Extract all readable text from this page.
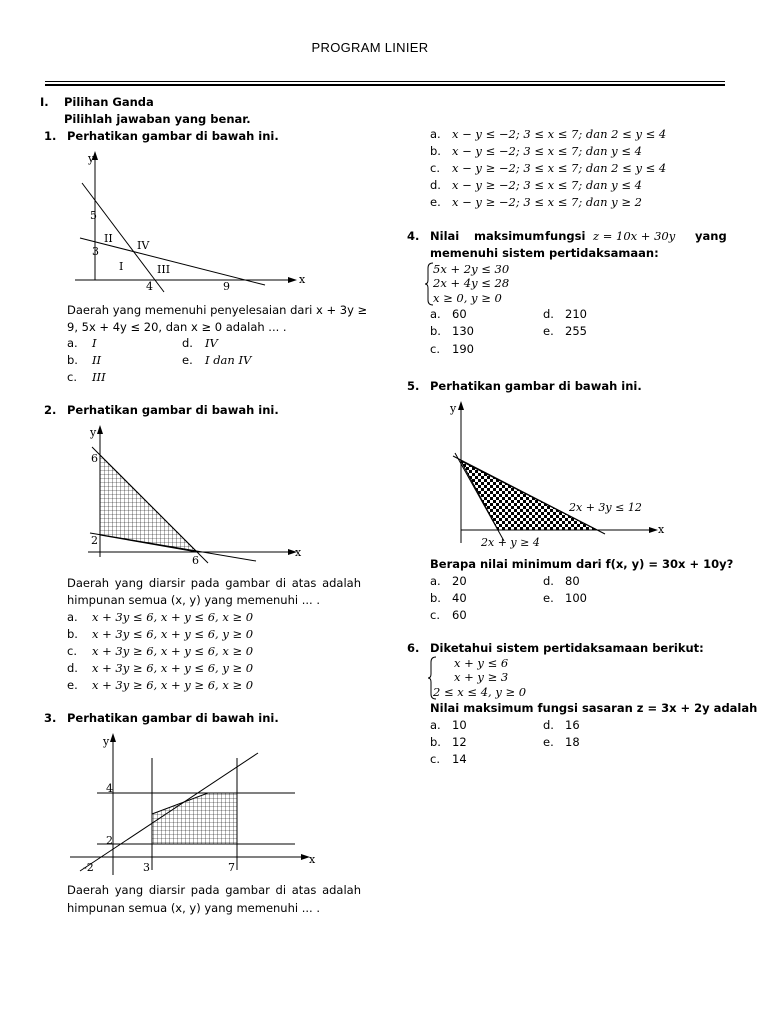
PROGRAM LINIER
I. Pilihan Ganda
Pilihlah jawaban yang benar.
1. Perhatikan gambar di bawah ini.
y
x
5
3
4	9
I
II
III
IV
Daerah yang memenuhi penyelesaian dari x + 3y ≥
9, 5x + 4y ≤ 20, dan x ≥ 0 adalah ... .
a. I	d. IV
b. II	e. I dan IV
c. III
2. Perhatikan gambar di bawah ini.
y
x
6
2
6
Daerah yang diarsir pada gambar di atas adalah
himpunan semua (x, y) yang memenuhi ... .
a. x + 3y ≤ 6, x + y ≤ 6, x ≥ 0
b. x + 3y ≤ 6, x + y ≤ 6, y ≥ 0
c. x + 3y ≥ 6, x + y ≤ 6, x ≥ 0
d. x + 3y ≥ 6, x + y ≤ 6, y ≥ 0
e. x + 3y ≥ 6, x + y ≥ 6, x ≥ 0
3. Perhatikan gambar di bawah ini.
y
x
4
2
-2	3	7
Daerah yang diarsir pada gambar di atas adalah
himpunan semua (x, y) yang memenuhi ... .
a. x − y ≤ −2; 3 ≤ x ≤ 7; dan 2 ≤ y ≤ 4
b. x − y ≤ −2; 3 ≤ x ≤ 7; dan y ≤ 4
c. x − y ≥ −2; 3 ≤ x ≤ 7; dan 2 ≤ y ≤ 4
d. x − y ≥ −2; 3 ≤ x ≤ 7; dan y ≤ 4
e. x − y ≥ −2; 3 ≤ x ≤ 7; dan y ≥ 2
4. Nilai maksimum fungsi z = 10x + 30y yang
memenuhi sistem pertidaksamaan:
5x + 2y ≤ 30
2x + 4y ≤ 28
x ≥ 0, y ≥ 0
a. 60	d. 210
b. 130	e. 255
c. 190
5. Perhatikan gambar di bawah ini.
y
x
2x + 3y ≤ 12
2x + y ≥ 4
Berapa nilai minimum dari f(x, y) = 30x + 10y?
a. 20	d. 80
b. 40	e. 100
c. 60
6. Diketahui sistem pertidaksamaan berikut:
x + y ≤ 6
x + y ≥ 3
2 ≤ x ≤ 4, y ≥ 0
Nilai maksimum fungsi sasaran z = 3x + 2y adalah
a. 10	d. 16
b. 12	e. 18
c. 14
